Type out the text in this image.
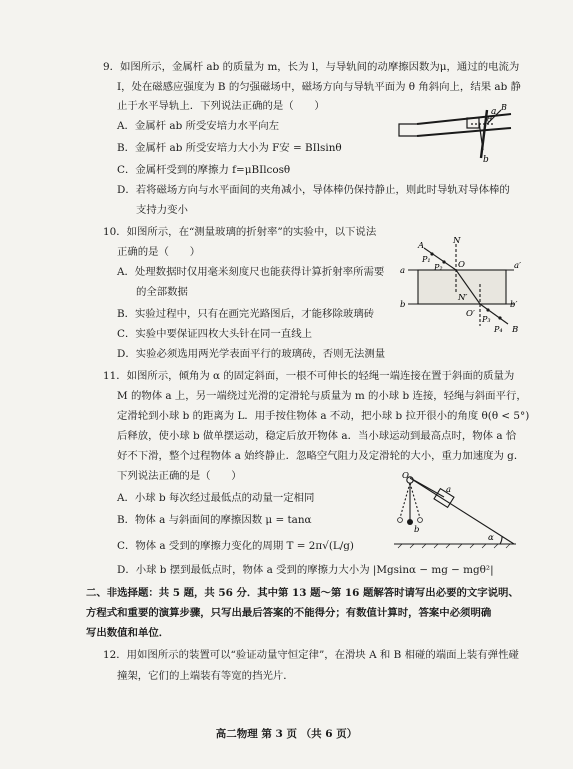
9．如图所示，金属杆 ab 的质量为 m，长为 l，与导轨间的动摩擦因数为μ，通过的电流为
I，处在磁感应强度为 B 的匀强磁场中，磁场方向与导轨平面为 θ 角斜向上，结果 ab 静
止于水平导轨上．下列说法正确的是（　　）
A．金属杆 ab 所受安培力水平向左
B．金属杆 ab 所受安培力大小为 F安 = BIlsinθ
C．金属杆受到的摩擦力 f=μBIlcosθ
D．若将磁场方向与水平面间的夹角减小，导体棒仍保持静止，则此时导轨对导体棒的
支持力变小
a
b
θ
B
10．如图所示，在“测量玻璃的折射率”的实验中，以下说法
正确的是（　　）
A．处理数据时仅用毫米刻度尺也能获得计算折射率所需要
的全部数据
B．实验过程中，只有在画完光路图后，才能移除玻璃砖
C．实验中要保证四枚大头针在同一直线上
D．实验必须选用两光学表面平行的玻璃砖，否则无法测量
A	N
P₁
P₂ O
a	a′
N′
b	b′
O′
P₃
P₄ B
11．如图所示，倾角为 α 的固定斜面，一根不可伸长的轻绳一端连接在置于斜面的质量为
M 的物体 a 上，另一端绕过光滑的定滑轮与质量为 m 的小球 b 连接，轻绳与斜面平行，
定滑轮到小球 b 的距离为 L．用手按住物体 a 不动，把小球 b 拉开很小的角度 θ(θ < 5°)
后释放，使小球 b 做单摆运动，稳定后放开物体 a．当小球运动到最高点时，物体 a 恰
好不下滑，整个过程物体 a 始终静止．忽略空气阻力及定滑轮的大小，重力加速度为 g．
下列说法正确的是（　　）
A．小球 b 每次经过最低点的动量一定相同
B．物体 a 与斜面间的摩擦因数 μ = tanα
C．物体 a 受到的摩擦力变化的周期 T = 2π√(L/g)
D．小球 b 摆到最低点时，物体 a 受到的摩擦力大小为 |Mgsinα − mg − mgθ²|
O
a
b
α
二、非选择题：共 5 题，共 56 分．其中第 13 题～第 16 题解答时请写出必要的文字说明、
方程式和重要的演算步骤，只写出最后答案的不能得分；有数值计算时，答案中必须明确
写出数值和单位．
12．用如图所示的装置可以“验证动量守恒定律”，在滑块 A 和 B 相碰的端面上装有弹性碰
撞架，它们的上端装有等宽的挡光片．
高二物理 第 3 页 （共 6 页）
